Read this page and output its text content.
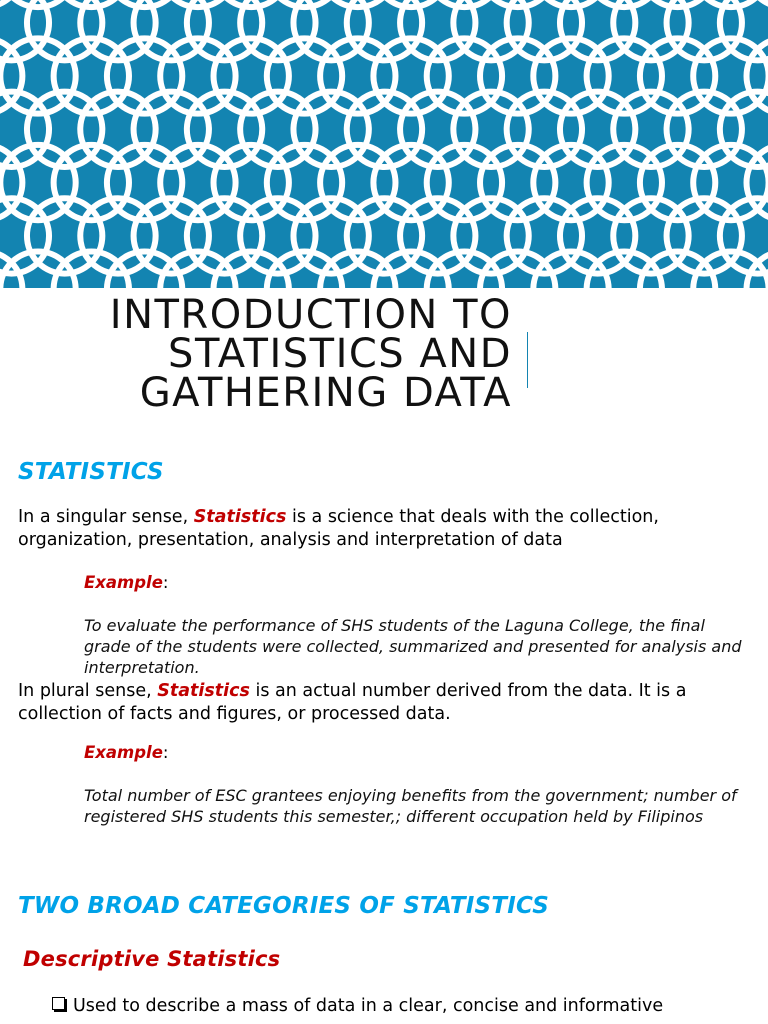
INTRODUCTION TO
STATISTICS AND
GATHERING DATA
STATISTICS

In a singular sense, Statistics is a science that deals with the collection, organization, presentation, analysis and interpretation of data

Example:

To evaluate the performance of SHS students of the Laguna College, the final grade of the students were collected, summarized and presented for analysis and interpretation.

In plural sense, Statistics is an actual number derived from the data. It is a collection of facts and figures, or processed data.

Example:

Total number of ESC grantees enjoying benefits from the government; number of registered SHS students this semester,; different occupation held by Filipinos

TWO BROAD CATEGORIES OF STATISTICS
Descriptive Statistics
Used to describe a mass of data in a clear, concise and informative
